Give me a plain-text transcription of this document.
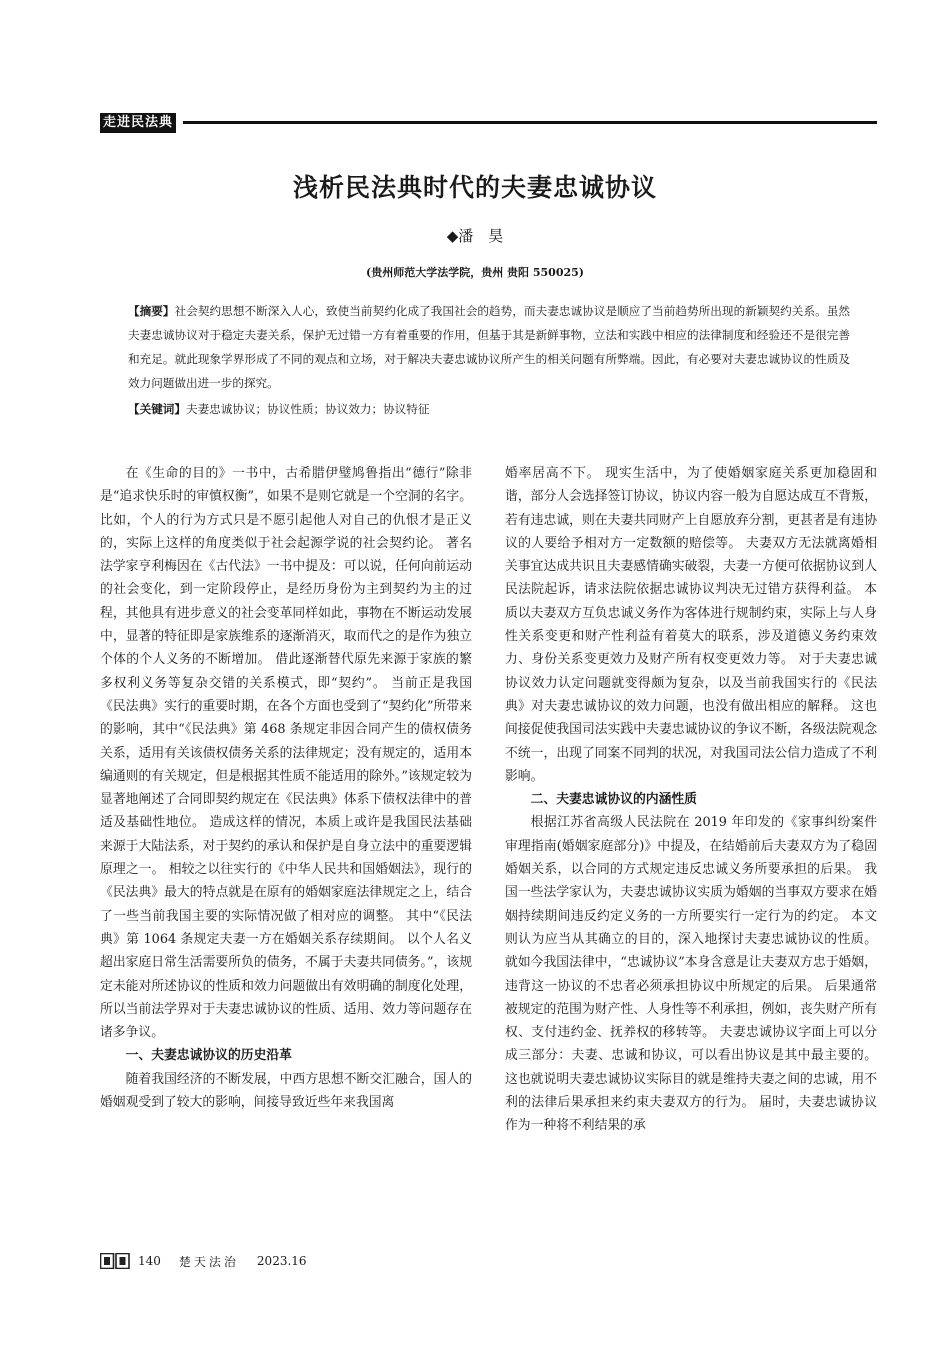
走进民法典
浅析民法典时代的夫妻忠诚协议
◆潘　昊
(贵州师范大学法学院，贵州 贵阳 550025)
【摘要】社会契约思想不断深入人心，致使当前契约化成了我国社会的趋势，而夫妻忠诚协议是顺应了当前趋势所出现的新颖契约关系。虽然夫妻忠诚协议对于稳定夫妻关系，保护无过错一方有着重要的作用，但基于其是新鲜事物，立法和实践中相应的法律制度和经验还不是很完善和充足。就此现象学界形成了不同的观点和立场，对于解决夫妻忠诚协议所产生的相关问题有所弊端。因此，有必要对夫妻忠诚协议的性质及效力问题做出进一步的探究。
【关键词】夫妻忠诚协议；协议性质；协议效力；协议特征

在《生命的目的》一书中，古希腊伊璧鸠鲁指出“德行”除非是“追求快乐时的审慎权衡”，如果不是则它就是一个空洞的名字。 比如，个人的行为方式只是不愿引起他人对自己的仇恨才是正义的，实际上这样的角度类似于社会起源学说的社会契约论。 著名法学家亨利梅因在《古代法》一书中提及：可以说，任何向前运动的社会变化，到一定阶段停止，是经历身份为主到契约为主的过程，其他具有进步意义的社会变革同样如此，事物在不断运动发展中，显著的特征即是家族维系的逐渐消灭，取而代之的是作为独立个体的个人义务的不断增加。 借此逐渐替代原先来源于家族的繁多权利义务等复杂交错的关系模式，即“契约”。 当前正是我国《民法典》实行的重要时期，在各个方面也受到了“契约化”所带来的影响，其中“《民法典》第 468 条规定非因合同产生的债权债务关系，适用有关该债权债务关系的法律规定；没有规定的，适用本编通则的有关规定，但是根据其性质不能适用的除外。”该规定较为显著地阐述了合同即契约规定在《民法典》体系下债权法律中的普适及基础性地位。 造成这样的情况，本质上或许是我国民法基础来源于大陆法系，对于契约的承认和保护是自身立法中的重要逻辑原理之一。 相较之以往实行的《中华人民共和国婚姻法》，现行的《民法典》最大的特点就是在原有的婚姻家庭法律规定之上，结合了一些当前我国主要的实际情况做了相对应的调整。 其中“《民法典》第 1064 条规定夫妻一方在婚姻关系存续期间。 以个人名义超出家庭日常生活需要所负的债务，不属于夫妻共同债务。”，该规定未能对所述协议的性质和效力问题做出有效明确的制度化处理，所以当前法学界对于夫妻忠诚协议的性质、适用、效力等问题存在诸多争议。

一、夫妻忠诚协议的历史沿革

随着我国经济的不断发展，中西方思想不断交汇融合，国人的婚姻观受到了较大的影响，间接导致近些年来我国离

婚率居高不下。 现实生活中，为了使婚姻家庭关系更加稳固和谐，部分人会选择签订协议，协议内容一般为自愿达成互不背叛，若有违忠诚，则在夫妻共同财产上自愿放弃分割，更甚者是有违协议的人要给予相对方一定数额的赔偿等。 夫妻双方无法就离婚相关事宜达成共识且夫妻感情确实破裂，夫妻一方便可依据协议到人民法院起诉，请求法院依据忠诚协议判决无过错方获得利益。 本质以夫妻双方互负忠诚义务作为客体进行规制约束，实际上与人身性关系变更和财产性利益有着莫大的联系，涉及道德义务约束效力、身份关系变更效力及财产所有权变更效力等。 对于夫妻忠诚协议效力认定问题就变得颇为复杂，以及当前我国实行的《民法典》对夫妻忠诚协议的效力问题，也没有做出相应的解释。 这也间接促使我国司法实践中夫妻忠诚协议的争议不断，各级法院观念不统一，出现了同案不同判的状况，对我国司法公信力造成了不利影响。

二、夫妻忠诚协议的内涵性质

根据江苏省高级人民法院在 2019 年印发的《家事纠纷案件审理指南(婚姻家庭部分)》中提及，在结婚前后夫妻双方为了稳固婚姻关系，以合同的方式规定违反忠诚义务所要承担的后果。 我国一些法学家认为，夫妻忠诚协议实质为婚姻的当事双方要求在婚姻持续期间违反约定义务的一方所要实行一定行为的约定。 本文则认为应当从其确立的目的，深入地探讨夫妻忠诚协议的性质。 就如今我国法律中，“忠诚协议”本身含意是让夫妻双方忠于婚姻，违背这一协议的不忠者必须承担协议中所规定的后果。 后果通常被规定的范围为财产性、人身性等不利承担，例如，丧失财产所有权、支付违约金、抚养权的移转等。 夫妻忠诚协议字面上可以分成三部分：夫妻、忠诚和协议，可以看出协议是其中最主要的。 这也就说明夫妻忠诚协议实际目的就是维持夫妻之间的忠诚，用不利的法律后果承担来约束夫妻双方的行为。 届时，夫妻忠诚协议作为一种将不利结果的承

140 楚天法治 2023.16
